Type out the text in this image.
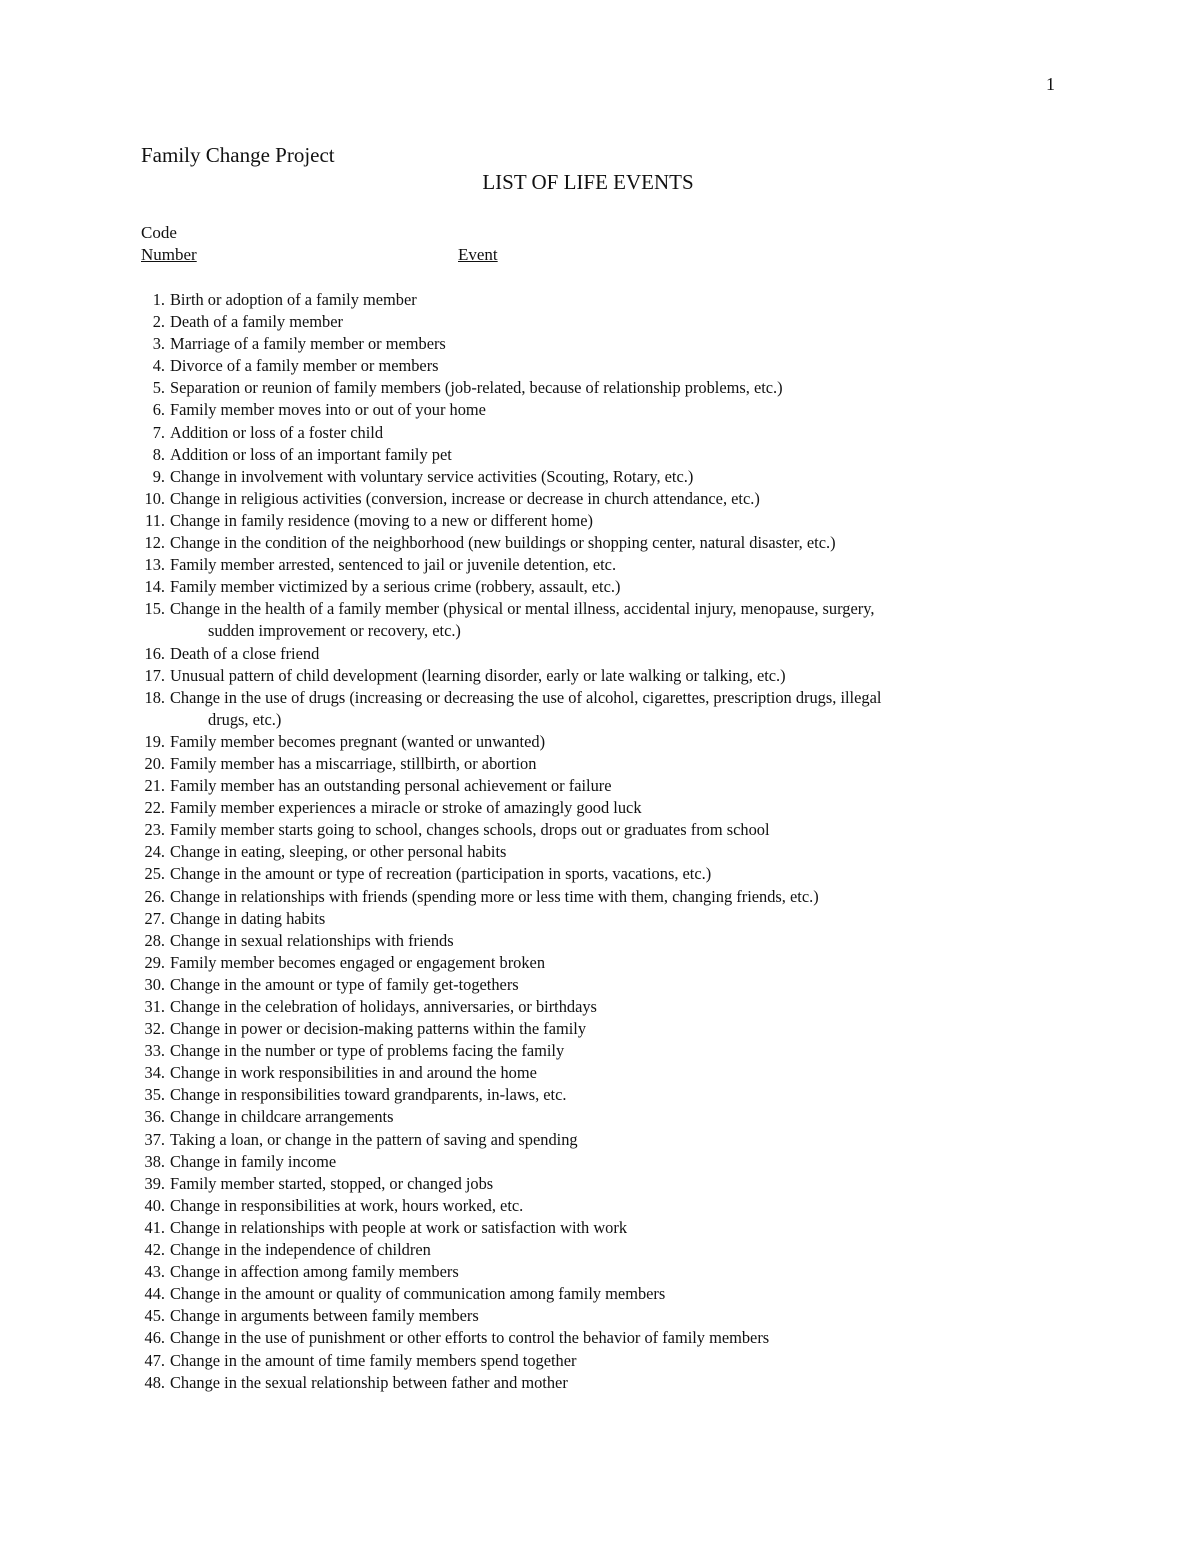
1
Family Change Project
LIST OF LIFE EVENTS
Code
Number	Event
1. Birth or adoption of a family member
2. Death of a family member
3. Marriage of a family member or members
4. Divorce of a family member or members
5. Separation or reunion of family members (job-related, because of relationship problems, etc.)
6. Family member moves into or out of your home
7. Addition or loss of a foster child
8. Addition or loss of an important family pet
9. Change in involvement with voluntary service activities (Scouting, Rotary, etc.)
10. Change in religious activities (conversion, increase or decrease in church attendance, etc.)
11. Change in family residence (moving to a new or different home)
12. Change in the condition of the neighborhood (new buildings or shopping center, natural disaster, etc.)
13. Family member arrested, sentenced to jail or juvenile detention, etc.
14. Family member victimized by a serious crime (robbery, assault, etc.)
15. Change in the health of a family member (physical or mental illness, accidental injury, menopause, surgery,
sudden improvement or recovery, etc.)
16. Death of a close friend
17. Unusual pattern of child development (learning disorder, early or late walking or talking, etc.)
18. Change in the use of drugs (increasing or decreasing the use of alcohol, cigarettes, prescription drugs, illegal
drugs, etc.)
19. Family member becomes pregnant (wanted or unwanted)
20. Family member has a miscarriage, stillbirth, or abortion
21. Family member has an outstanding personal achievement or failure
22. Family member experiences a miracle or stroke of amazingly good luck
23. Family member starts going to school, changes schools, drops out or graduates from school
24. Change in eating, sleeping, or other personal habits
25. Change in the amount or type of recreation (participation in sports, vacations, etc.)
26. Change in relationships with friends (spending more or less time with them, changing friends, etc.)
27. Change in dating habits
28. Change in sexual relationships with friends
29. Family member becomes engaged or engagement broken
30. Change in the amount or type of family get-togethers
31. Change in the celebration of holidays, anniversaries, or birthdays
32. Change in power or decision-making patterns within the family
33. Change in the number or type of problems facing the family
34. Change in work responsibilities in and around the home
35. Change in responsibilities toward grandparents, in-laws, etc.
36. Change in childcare arrangements
37. Taking a loan, or change in the pattern of saving and spending
38. Change in family income
39. Family member started, stopped, or changed jobs
40. Change in responsibilities at work, hours worked, etc.
41. Change in relationships with people at work or satisfaction with work
42. Change in the independence of children
43. Change in affection among family members
44. Change in the amount or quality of communication among family members
45. Change in arguments between family members
46. Change in the use of punishment or other efforts to control the behavior of family members
47. Change in the amount of time family members spend together
48. Change in the sexual relationship between father and mother
